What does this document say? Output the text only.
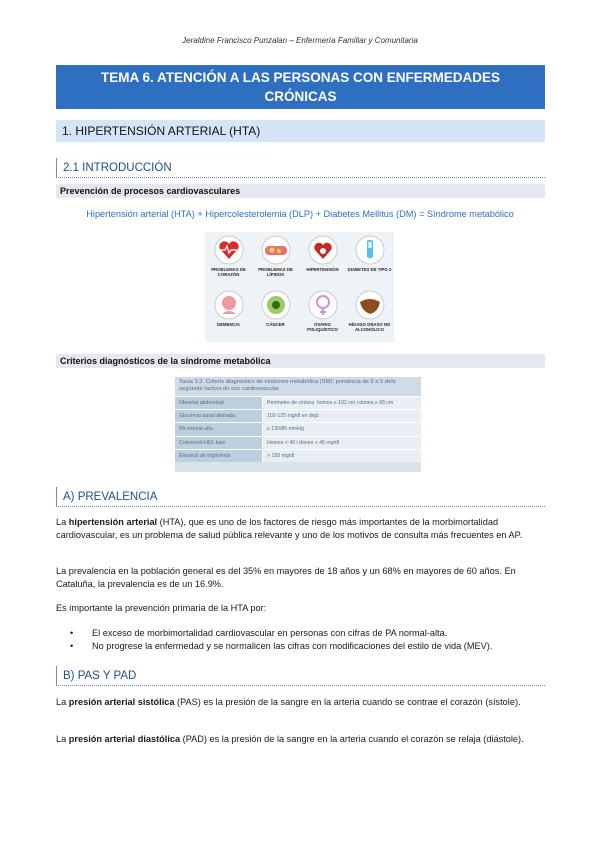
Jeraldine Francisco Punzalan – Enfermería Familiar y Comunitaria
TEMA 6. ATENCIÓN A LAS PERSONAS CON ENFERMEDADES
CRÓNICAS
1. HIPERTENSIÓN ARTERIAL (HTA)
2.1 INTRODUCCIÓN
Prevención de procesos cardiovasculares
Hipertensión arterial (HTA) + Hipercolesterolemia (DLP) + Diabetes Mellitus (DM) = Síndrome metabólico
PROBLEMAS DE CORAZÓN
PROBLEMAS DE LÍPIDOS
HIPERTENSIÓN	DIABETES DE TIPO 2
DEMENCIA	CÁNCER	OVARIO POLIQUÍSTICO
HÍGADO GRASO NO ALCOHÓLICO
Criterios diagnósticos de la síndrome metabólica
Taula 3.3. Criteris diagnòstics de síndrome metabòlica (SM): presència de 3 a 5 dels següents factors de risc cardiovascular
Obesitat abdominal	Perímetre de cintura: homes ≥ 102 cm i dones ≥ 88 cm
Glucèmia basal alterada	102-125 mg/dl en dejú
PA normal-alta	≥ 130/85 mmHg
Colesterol-HDL baix	Homes < 40 i dones < 46 mg/dl
Elevació de triglicèrids	> 150 mg/dl
A) PREVALENCIA
La hipertensión arterial (HTA), que es uno de los factores de riesgo más importantes de la morbimortalidad cardiovascular, es un problema de salud pública relevante y uno de los motivos de consulta más frecuentes en AP.
La prevalencia en la población general es del 35% en mayores de 18 años y un 68% en mayores de 60 años. En Cataluña, la prevalencia es de un 16.9%.
Es importante la prevención primaria de la HTA por:
• El exceso de morbimortalidad cardiovascular en personas con cifras de PA normal-alta.
• No progrese la enfermedad y se normalicen las cifras con modificaciones del estilo de vida (MEV).
B) PAS Y PAD
La presión arterial sistólica (PAS) es la presión de la sangre en la arteria cuando se contrae el corazón (sístole).
La presión arterial diastólica (PAD) es la presión de la sangre en la arteria cuando el corazón se relaja (diástole).
